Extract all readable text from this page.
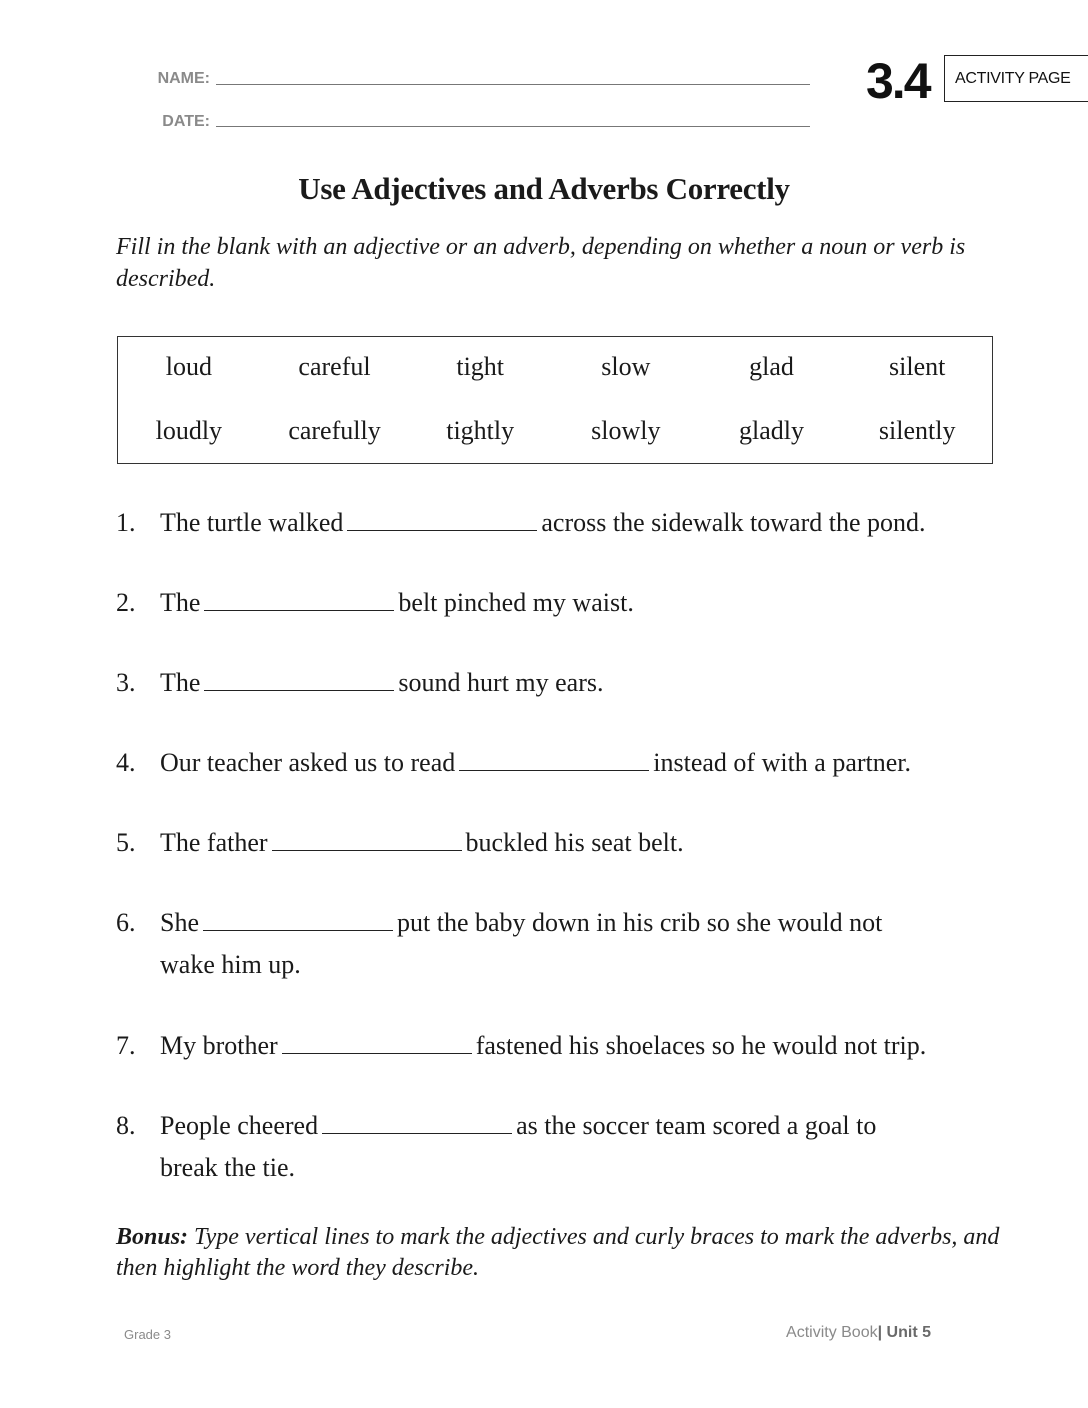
NAME:
DATE:
3.4 ACTIVITY PAGE
Use Adjectives and Adverbs Correctly
Fill in the blank with an adjective or an adverb, depending on whether a noun or verb is described.
loud	careful	tight	slow	glad	silent
loudly	carefully	tightly	slowly	gladly	silently
1. The turtle walked	across the sidewalk toward the pond.
2. The	belt pinched my waist.
3. The	sound hurt my ears.
4. Our teacher asked us to read	instead of with a partner.
5. The father	buckled his seat belt.
6. She	put the baby down in his crib so she would not
wake him up.
7. My brother	fastened his shoelaces so he would not trip.
8. People cheered	as the soccer team scored a goal to
break the tie.
Bonus: Type vertical lines to mark the adjectives and curly braces to mark the adverbs, and then highlight the word they describe.
Grade 3	Activity Book| Unit 5
